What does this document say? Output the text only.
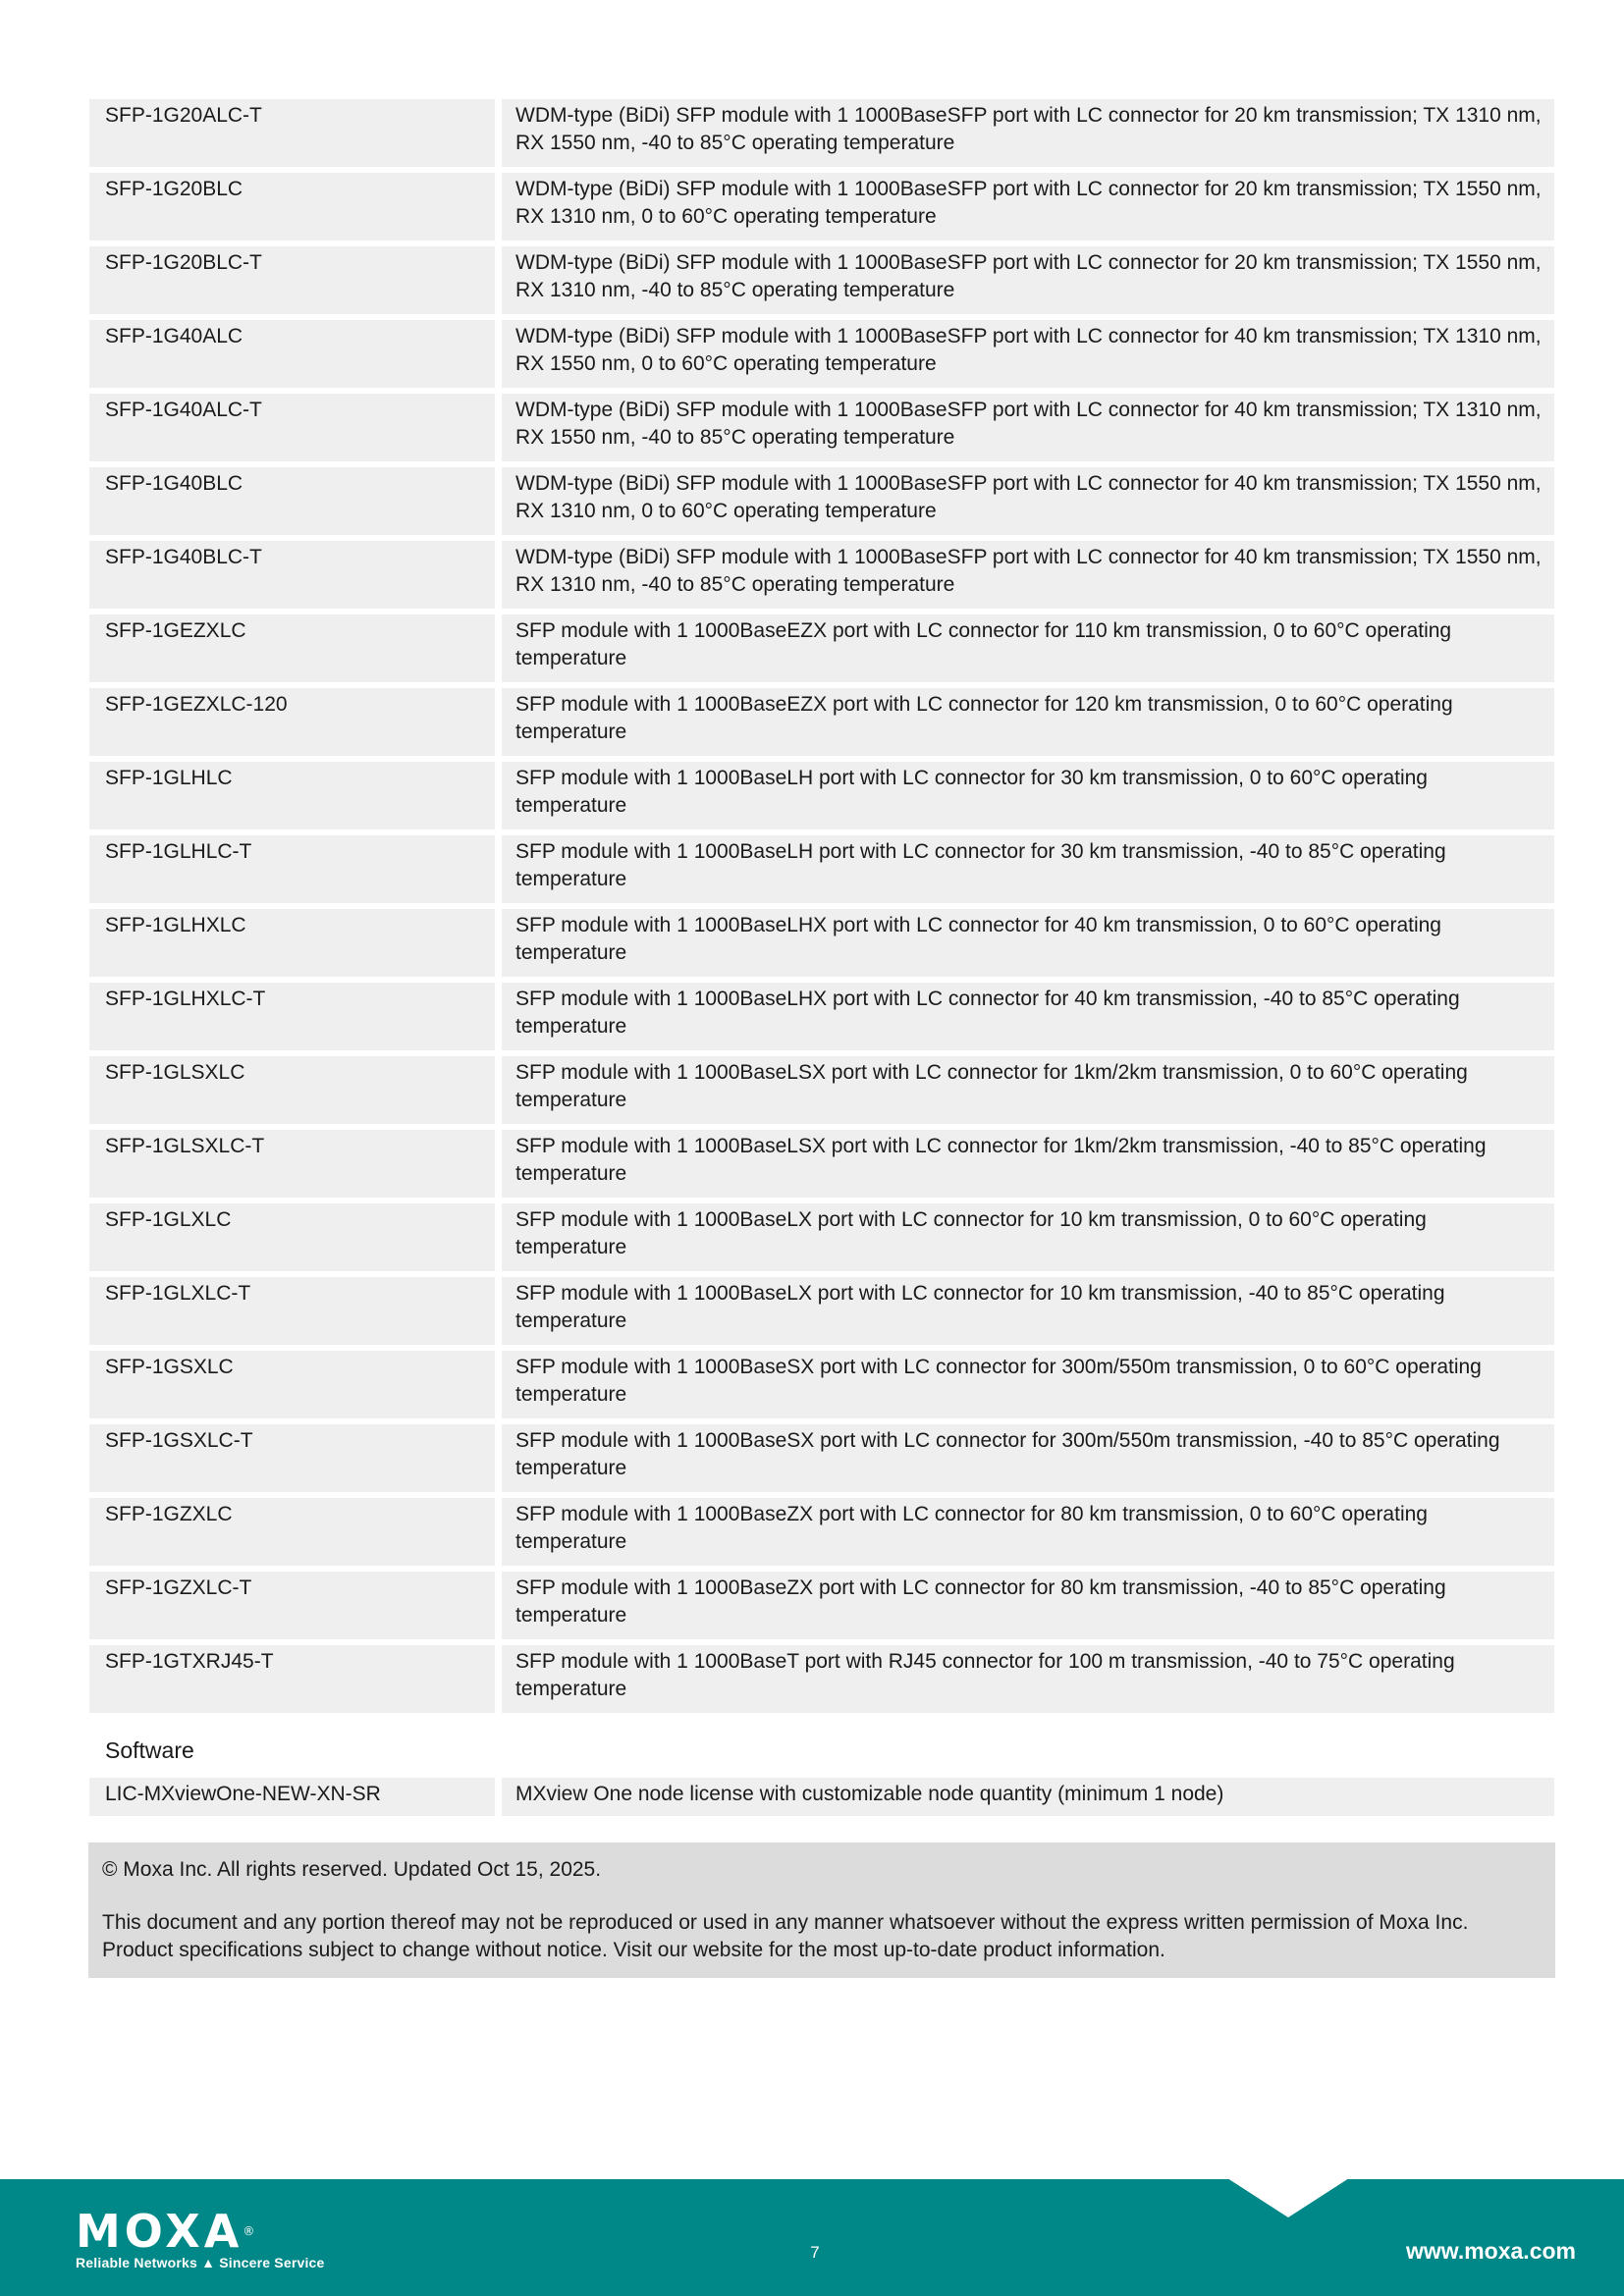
SFP-1G20ALC-T	WDM-type (BiDi) SFP module with 1 1000BaseSFP port with LC connector for 20 km transmission; TX 1310 nm, RX 1550 nm, -40 to 85°C operating temperature
SFP-1G20BLC	WDM-type (BiDi) SFP module with 1 1000BaseSFP port with LC connector for 20 km transmission; TX 1550 nm, RX 1310 nm, 0 to 60°C operating temperature
SFP-1G20BLC-T	WDM-type (BiDi) SFP module with 1 1000BaseSFP port with LC connector for 20 km transmission; TX 1550 nm, RX 1310 nm, -40 to 85°C operating temperature
SFP-1G40ALC	WDM-type (BiDi) SFP module with 1 1000BaseSFP port with LC connector for 40 km transmission; TX 1310 nm, RX 1550 nm, 0 to 60°C operating temperature
SFP-1G40ALC-T	WDM-type (BiDi) SFP module with 1 1000BaseSFP port with LC connector for 40 km transmission; TX 1310 nm, RX 1550 nm, -40 to 85°C operating temperature
SFP-1G40BLC	WDM-type (BiDi) SFP module with 1 1000BaseSFP port with LC connector for 40 km transmission; TX 1550 nm, RX 1310 nm, 0 to 60°C operating temperature
SFP-1G40BLC-T	WDM-type (BiDi) SFP module with 1 1000BaseSFP port with LC connector for 40 km transmission; TX 1550 nm, RX 1310 nm, -40 to 85°C operating temperature
SFP-1GEZXLC	SFP module with 1 1000BaseEZX port with LC connector for 110 km transmission, 0 to 60°C operating temperature
SFP-1GEZXLC-120	SFP module with 1 1000BaseEZX port with LC connector for 120 km transmission, 0 to 60°C operating temperature
SFP-1GLHLC	SFP module with 1 1000BaseLH port with LC connector for 30 km transmission, 0 to 60°C operating temperature
SFP-1GLHLC-T	SFP module with 1 1000BaseLH port with LC connector for 30 km transmission, -40 to 85°C operating temperature
SFP-1GLHXLC	SFP module with 1 1000BaseLHX port with LC connector for 40 km transmission, 0 to 60°C operating temperature
SFP-1GLHXLC-T	SFP module with 1 1000BaseLHX port with LC connector for 40 km transmission, -40 to 85°C operating temperature
SFP-1GLSXLC	SFP module with 1 1000BaseLSX port with LC connector for 1km/2km transmission, 0 to 60°C operating temperature
SFP-1GLSXLC-T	SFP module with 1 1000BaseLSX port with LC connector for 1km/2km transmission, -40 to 85°C operating temperature
SFP-1GLXLC	SFP module with 1 1000BaseLX port with LC connector for 10 km transmission, 0 to 60°C operating temperature
SFP-1GLXLC-T	SFP module with 1 1000BaseLX port with LC connector for 10 km transmission, -40 to 85°C operating temperature
SFP-1GSXLC	SFP module with 1 1000BaseSX port with LC connector for 300m/550m transmission, 0 to 60°C operating temperature
SFP-1GSXLC-T	SFP module with 1 1000BaseSX port with LC connector for 300m/550m transmission, -40 to 85°C operating temperature
SFP-1GZXLC	SFP module with 1 1000BaseZX port with LC connector for 80 km transmission, 0 to 60°C operating temperature
SFP-1GZXLC-T	SFP module with 1 1000BaseZX port with LC connector for 80 km transmission, -40 to 85°C operating temperature
SFP-1GTXRJ45-T	SFP module with 1 1000BaseT port with RJ45 connector for 100 m transmission, -40 to 75°C operating temperature
Software
LIC-MXviewOne-NEW-XN-SR	MXview One node license with customizable node quantity (minimum 1 node)

© Moxa Inc. All rights reserved. Updated Oct 15, 2025.

This document and any portion thereof may not be reproduced or used in any manner whatsoever without the express written permission of Moxa Inc. Product specifications subject to change without notice. Visit our website for the most up-to-date product information.

MOXA®
Reliable Networks ▲ Sincere Service
7	www.moxa.com
